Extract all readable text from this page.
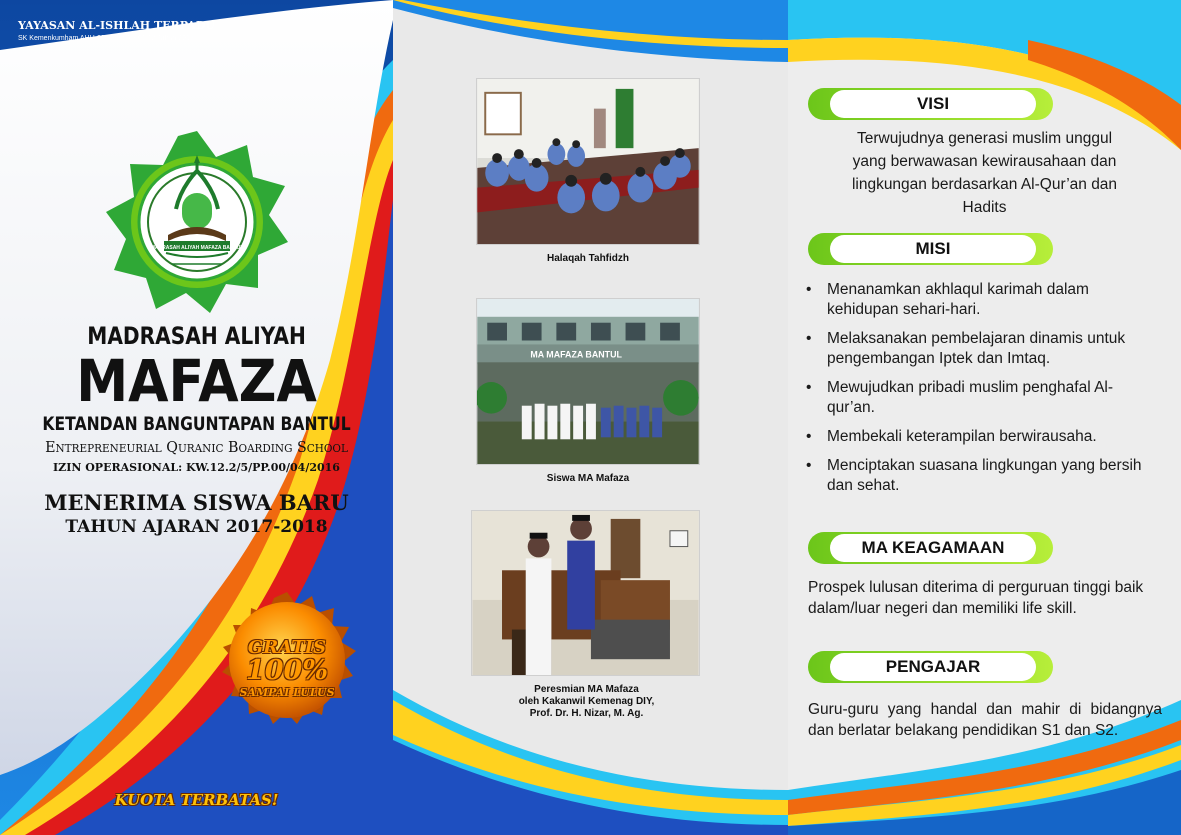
YAYASAN AL-ISHLAH TERPADU
SK Kemenkumham AHU-0000688.AH.01.12 Tahun 2015
MADRASAH ALIYAH MAFAZA BANTUL
MADRASAH ALIYAH
MAFAZA
KETANDAN BANGUNTAPAN BANTUL
Entrepreneurial Quranic Boarding School
IZIN OPERASIONAL: KW.12.2/5/PP.00/04/2016
MENERIMA SISWA BARU
TAHUN AJARAN 2017-2018
GRATIS
100%
SAMPAI LULUS
KUOTA TERBATAS!
Halaqah Tahfidzh
MA MAFAZA BANTUL
Siswa MA Mafaza
Peresmian MA Mafaza
oleh Kakanwil Kemenag DIY,
Prof. Dr. H. Nizar, M. Ag.
VISI
Terwujudnya generasi muslim unggul
yang berwawasan kewirausahaan dan
lingkungan berdasarkan Al-Qur’an dan
Hadits
MISI
MA KEAGAMAAN
Prospek lulusan diterima di perguruan tinggi baik dalam/luar negeri dan memiliki life skill.
PENGAJAR
Guru-guru yang handal dan mahir di bidangnya dan berlatar belakang pendidikan S1 dan S2.
• Menanamkan akhlaqul karimah dalam kehidupan sehari-hari.
• Melaksanakan pembelajaran dinamis untuk pengembangan Iptek dan Imtaq.
• Mewujudkan pribadi muslim penghafal Al-qur’an.
• Membekali keterampilan berwirausaha.
• Menciptakan suasana lingkungan yang bersih dan sehat.
